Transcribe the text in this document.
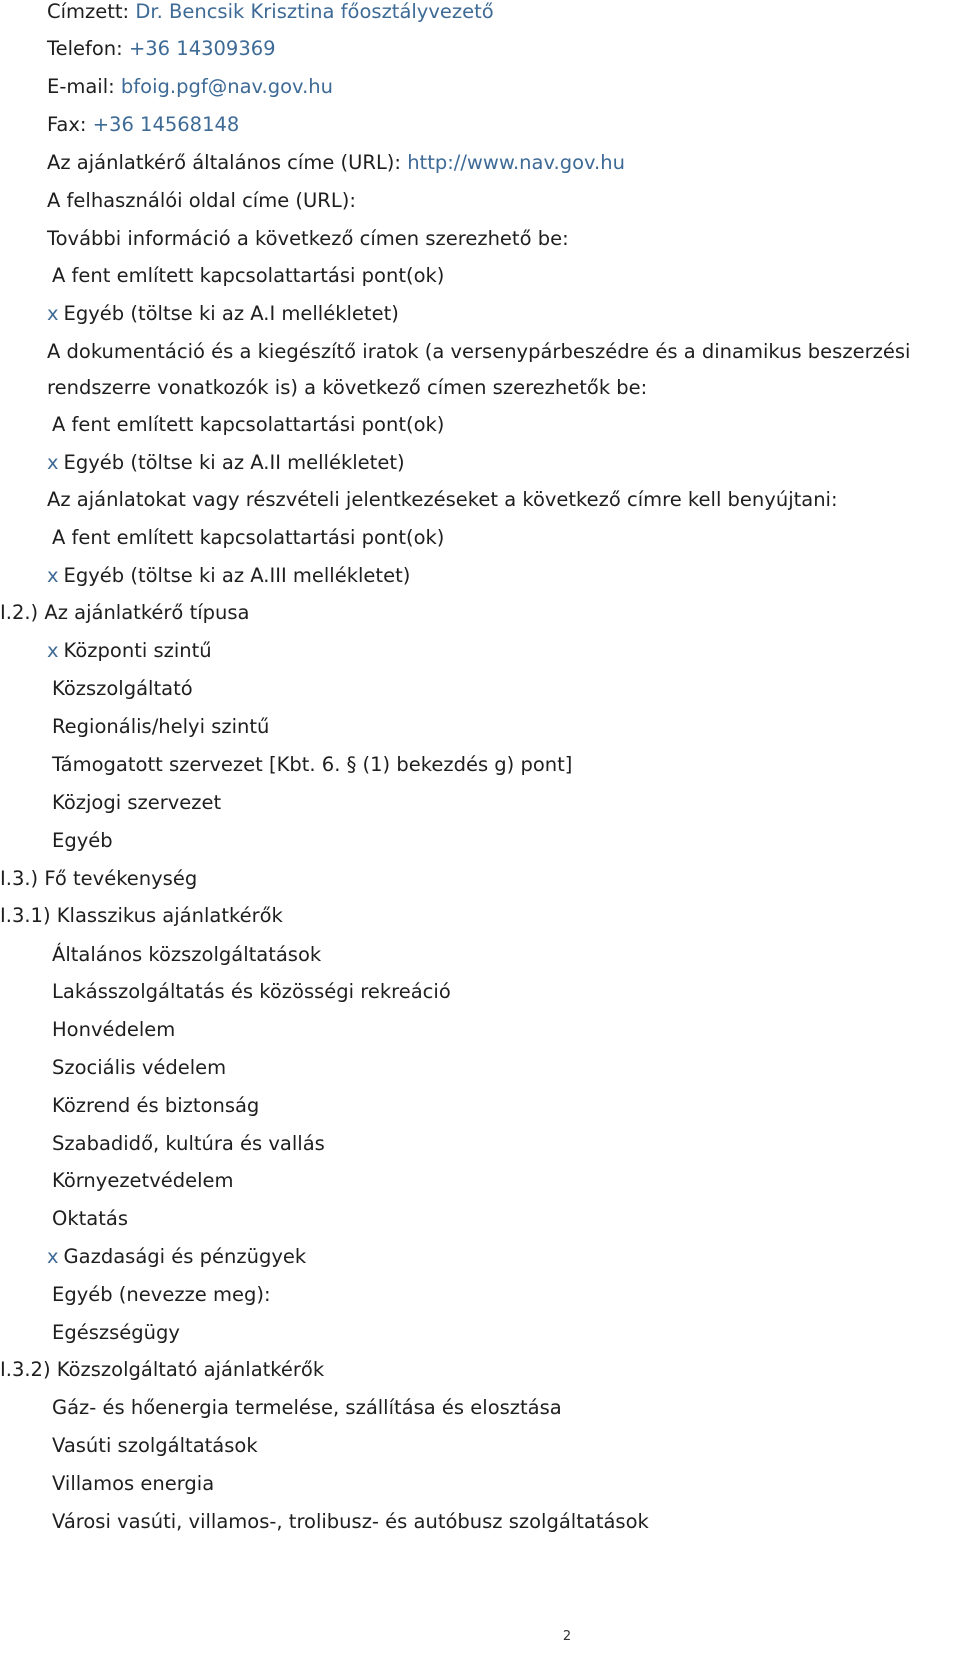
Címzett: Dr. Bencsik Krisztina főosztályvezető
Telefon: +36 14309369
E-mail: bfoig.pgf@nav.gov.hu
Fax: +36 14568148
Az ajánlatkérő általános címe (URL): http://www.nav.gov.hu
A felhasználói oldal címe (URL):
További információ a következő címen szerezhető be:
A fent említett kapcsolattartási pont(ok)
x Egyéb (töltse ki az A.I mellékletet)
A dokumentáció és a kiegészítő iratok (a versenypárbeszédre és a dinamikus beszerzési
rendszerre vonatkozók is) a következő címen szerezhetők be:
A fent említett kapcsolattartási pont(ok)
x Egyéb (töltse ki az A.II mellékletet)
Az ajánlatokat vagy részvételi jelentkezéseket a következő címre kell benyújtani:
A fent említett kapcsolattartási pont(ok)
x Egyéb (töltse ki az A.III mellékletet)
I.2.) Az ajánlatkérő típusa
x Központi szintű
Közszolgáltató
Regionális/helyi szintű
Támogatott szervezet [Kbt. 6. § (1) bekezdés g) pont]
Közjogi szervezet
Egyéb
I.3.) Fő tevékenység
I.3.1) Klasszikus ajánlatkérők
Általános közszolgáltatások
Lakásszolgáltatás és közösségi rekreáció
Honvédelem
Szociális védelem
Közrend és biztonság
Szabadidő, kultúra és vallás
Környezetvédelem
Oktatás
x Gazdasági és pénzügyek
Egyéb (nevezze meg):
Egészségügy
I.3.2) Közszolgáltató ajánlatkérők
Gáz- és hőenergia termelése, szállítása és elosztása
Vasúti szolgáltatások
Villamos energia
Városi vasúti, villamos-, trolibusz- és autóbusz szolgáltatások
2
